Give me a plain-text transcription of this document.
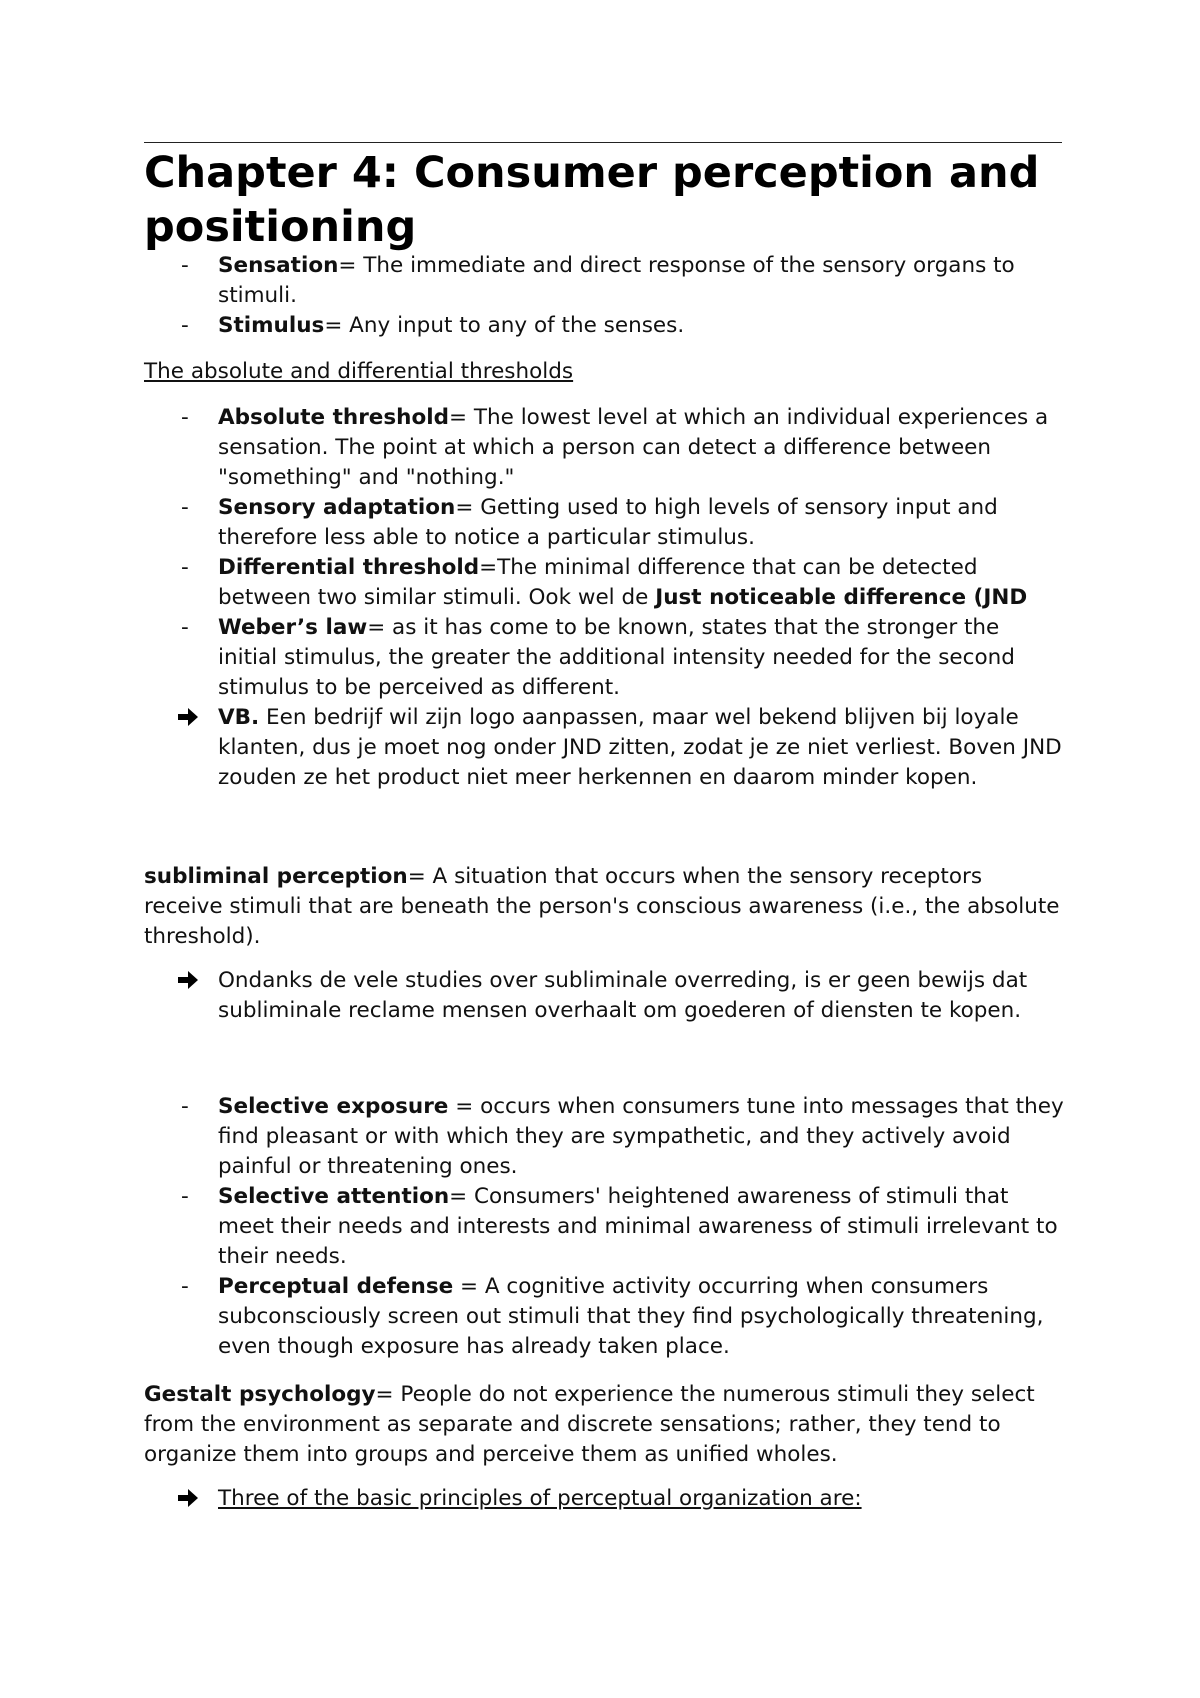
Chapter 4: Consumer perception and positioning
- Sensation= The immediate and direct response of the sensory organs to stimuli.
- Stimulus= Any input to any of the senses.

The absolute and differential thresholds

- Absolute threshold= The lowest level at which an individual experiences a sensation. The point at which a person can detect a difference between "something" and "nothing."
- Sensory adaptation= Getting used to high levels of sensory input and therefore less able to notice a particular stimulus.
- Differential threshold=The minimal difference that can be detected between two similar stimuli. Ook wel de Just noticeable difference (JND
- Weber’s law= as it has come to be known, states that the stronger the initial stimulus, the greater the additional intensity needed for the second stimulus to be perceived as different.
VB. Een bedrijf wil zijn logo aanpassen, maar wel bekend blijven bij loyale klanten, dus je moet nog onder JND zitten, zodat je ze niet verliest. Boven JND zouden ze het product niet meer herkennen en daarom minder kopen.

subliminal perception= A situation that occurs when the sensory receptors receive stimuli that are beneath the person's conscious awareness (i.e., the absolute threshold).

Ondanks de vele studies over subliminale overreding, is er geen bewijs dat subliminale reclame mensen overhaalt om goederen of diensten te kopen.
- Selective exposure = occurs when consumers tune into messages that they find pleasant or with which they are sympathetic, and they actively avoid painful or threatening ones.
- Selective attention= Consumers' heightened awareness of stimuli that meet their needs and interests and minimal awareness of stimuli irrelevant to their needs.
- Perceptual defense = A cognitive activity occurring when consumers subconsciously screen out stimuli that they find psychologically threatening, even though exposure has already taken place.

Gestalt psychology= People do not experience the numerous stimuli they select from the environment as separate and discrete sensations; rather, they tend to organize them into groups and perceive them as unified wholes.

Three of the basic principles of perceptual organization are:
